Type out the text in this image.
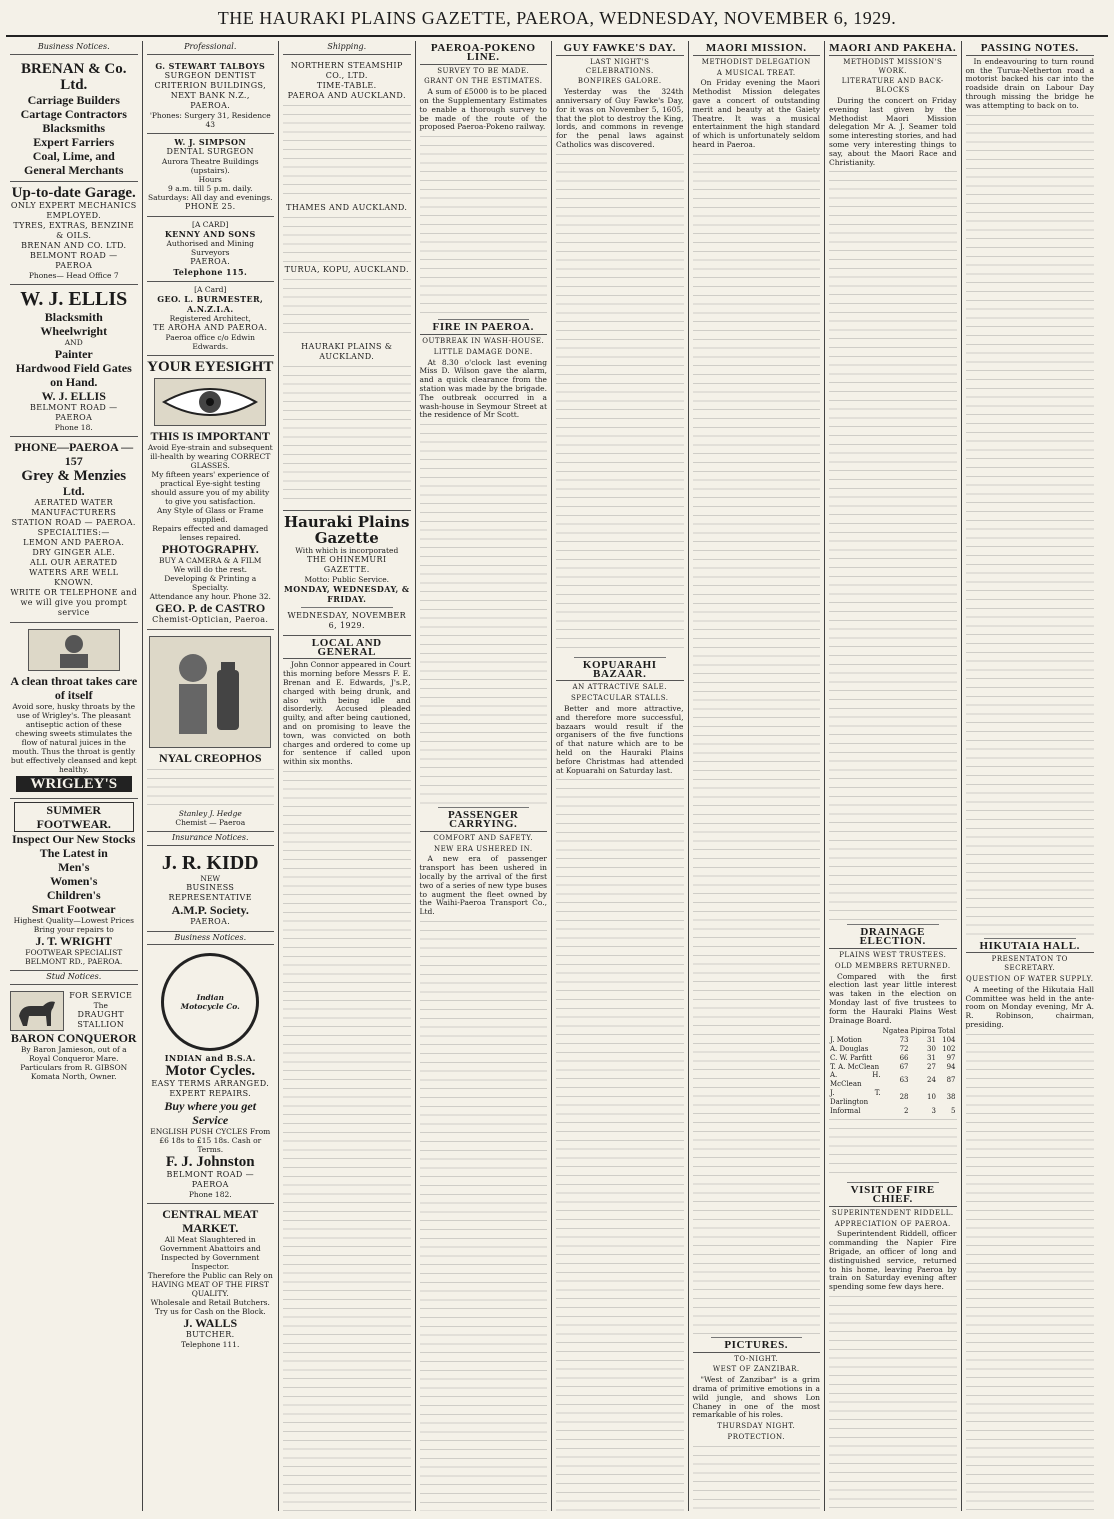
THE HAURAKI PLAINS GAZETTE, PAEROA, WEDNESDAY, NOVEMBER 6, 1929.
Business Notices.
BRENAN & Co. Ltd.
Carriage Builders
Cartage Contractors
Blacksmiths
Expert Farriers
Coal, Lime, and
General Merchants
Up-to-date Garage.
ONLY EXPERT MECHANICS EMPLOYED.
TYRES, EXTRAS, BENZINE & OILS.
BRENAN AND CO. LTD.
BELMONT ROAD — PAEROA
Phones— Head Office 7
W. J. ELLIS
Blacksmith
Wheelwright
AND
Painter
Hardwood Field Gates on Hand.
W. J. ELLIS
BELMONT ROAD — PAEROA
Phone 18.
PHONE—PAEROA —157
Grey & Menzies
Ltd.
AERATED WATER
MANUFACTURERS
STATION ROAD — PAEROA.
SPECIALTIES:—
LEMON AND PAEROA.
DRY GINGER ALE.
ALL OUR AERATED WATERS ARE WELL KNOWN.
WRITE OR TELEPHONE and we will give you prompt service
A clean throat takes care of itself
Avoid sore, husky throats by the use of Wrigley's. The pleasant antiseptic action of these chewing sweets stimulates the flow of natural juices in the mouth. Thus the throat is gently but effectively cleansed and kept healthy.
WRIGLEY'S
SUMMER FOOTWEAR.
Inspect Our New Stocks
The Latest in
Men's
Women's
Children's
Smart Footwear
Highest Quality—Lowest Prices
Bring your repairs to
J. T. WRIGHT
FOOTWEAR SPECIALIST BELMONT RD., PAEROA.
Stud Notices.
FOR SERVICE
The
DRAUGHT
STALLION
BARON CONQUEROR
By Baron Jamieson, out of a Royal Conqueror Mare.
Particulars from R. GIBSON Komata North, Owner.
Professional.
G. STEWART TALBOYS
SURGEON DENTIST
CRITERION BUILDINGS,
NEXT BANK N.Z.,
PAEROA.
'Phones: Surgery 31, Residence 43
W. J. SIMPSON
DENTAL SURGEON
Aurora Theatre Buildings (upstairs).
Hours
9 a.m. till 5 p.m. daily.
Saturdays: All day and evenings.
PHONE 25.
[A CARD]
KENNY AND SONS
Authorised and Mining Surveyors
PAEROA.
Telephone 115.
[A Card]
GEO. L. BURMESTER, A.N.Z.I.A.
Registered Architect,
TE AROHA AND PAEROA.
Paeroa office c/o Edwin Edwards.
YOUR EYESIGHT
THIS IS IMPORTANT
Avoid Eye-strain and subsequent ill-health by wearing CORRECT GLASSES.
My fifteen years' experience of practical Eye-sight testing should assure you of my ability to give you satisfaction.
Any Style of Glass or Frame supplied.
Repairs effected and damaged lenses repaired.
PHOTOGRAPHY.
BUY A CAMERA & A FILM
We will do the rest.
Developing & Printing a Specialty.
Attendance any hour. Phone 32.
GEO. P. de CASTRO
Chemist-Optician, Paeroa.
NYAL CREOPHOS
Stanley J. Hedge
Chemist — Paeroa
Insurance Notices.
J. R. KIDD
NEW
BUSINESS REPRESENTATIVE
A.M.P. Society.
PAEROA.
Business Notices.
Indian Motocycle Co.
INDIAN and B.S.A.
Motor Cycles.
EASY TERMS ARRANGED.
EXPERT REPAIRS.
Buy where you get Service
ENGLISH PUSH CYCLES From £6 18s to £15 18s. Cash or Terms.
F. J. Johnston
BELMONT ROAD — PAEROA
Phone 182.
CENTRAL MEAT MARKET.
All Meat Slaughtered in Government Abattoirs and Inspected by Government Inspector.
Therefore the Public can Rely on HAVING MEAT OF THE FIRST QUALITY.
Wholesale and Retail Butchers. Try us for Cash on the Block.
J. WALLS
BUTCHER.
Telephone 111.
Shipping.
NORTHERN STEAMSHIP CO., LTD.
TIME-TABLE.
PAEROA AND AUCKLAND.
THAMES AND AUCKLAND.
TURUA, KOPU, AUCKLAND.
HAURAKI PLAINS & AUCKLAND.
Hauraki Plains Gazette
With which is incorporated
THE OHINEMURI GAZETTE.
Motto: Public Service.
MONDAY, WEDNESDAY, & FRIDAY.
WEDNESDAY, NOVEMBER 6, 1929.
LOCAL AND GENERAL

John Connor appeared in Court this morning before Messrs F. E. Brenan and E. Edwards, J's.P., charged with being drunk, and also with being idle and disorderly. Accused pleaded guilty, and after being cautioned, and on promising to leave the town, was convicted on both charges and ordered to come up for sentence if called upon within six months.

PAEROA-POKENO LINE.
SURVEY TO BE MADE.
GRANT ON THE ESTIMATES.

A sum of £5000 is to be placed on the Supplementary Estimates to enable a thorough survey to be made of the route of the proposed Paeroa-Pokeno railway.

FIRE IN PAEROA.
OUTBREAK IN WASH-HOUSE.
LITTLE DAMAGE DONE.

At 8.30 o'clock last evening Miss D. Wilson gave the alarm, and a quick clearance from the station was made by the brigade. The outbreak occurred in a wash-house in Seymour Street at the residence of Mr Scott.

PASSENGER CARRYING.
COMFORT AND SAFETY.
NEW ERA USHERED IN.

A new era of passenger transport has been ushered in locally by the arrival of the first two of a series of new type buses to augment the fleet owned by the Waihi-Paeroa Transport Co., Ltd.

GUY FAWKE'S DAY.
LAST NIGHT'S CELEBRATIONS.
BONFIRES GALORE.

Yesterday was the 324th anniversary of Guy Fawke's Day, for it was on November 5, 1605, that the plot to destroy the King, lords, and commons in revenge for the penal laws against Catholics was discovered.

KOPUARAHI BAZAAR.
AN ATTRACTIVE SALE.
SPECTACULAR STALLS.

Better and more attractive, and therefore more successful, bazaars would result if the organisers of the five functions of that nature which are to be held on the Hauraki Plains before Christmas had attended at Kopuarahi on Saturday last.

MAORI MISSION.
METHODIST DELEGATION
A MUSICAL TREAT.

On Friday evening the Maori Methodist Mission delegates gave a concert of outstanding merit and beauty at the Gaiety Theatre. It was a musical entertainment the high standard of which is unfortunately seldom heard in Paeroa.

PICTURES.
TO-NIGHT.
WEST OF ZANZIBAR.

"West of Zanzibar" is a grim drama of primitive emotions in a wild jungle, and shows Lon Chaney in one of the most remarkable of his roles.

THURSDAY NIGHT.
PROTECTION.
MAORI AND PAKEHA.
METHODIST MISSION'S WORK.
LITERATURE AND BACK-BLOCKS

During the concert on Friday evening last given by the Methodist Maori Mission delegation Mr A. J. Seamer told some interesting stories, and had some very interesting things to say, about the Maori Race and Christianity.

DRAINAGE ELECTION.
PLAINS WEST TRUSTEES.
OLD MEMBERS RETURNED.

Compared with the first election last year little interest was taken in the election on Monday last of five trustees to form the Hauraki Plains West Drainage Board.

	Ngatea	Pipiroa	Total
J. Motion	73	31	104
A. Douglas	72	30	102
C. W. Parfitt	66	31	97
T. A. McClean	67	27	94
A. H. McClean	63	24	87
J. T. Darlington	28	10	38
Informal	2	3	5
VISIT OF FIRE CHIEF.
SUPERINTENDENT RIDDELL.
APPRECIATION OF PAEROA.

Superintendent Riddell, officer commanding the Napier Fire Brigade, an officer of long and distinguished service, returned to his home, leaving Paeroa by train on Saturday evening after spending some few days here.

PASSING NOTES.

In endeavouring to turn round on the Turua-Netherton road a motorist backed his car into the roadside drain on Labour Day through missing the bridge he was attempting to back on to.

HIKUTAIA HALL.
PRESENTATON TO SECRETARY.
QUESTION OF WATER SUPPLY.

A meeting of the Hikutaia Hall Committee was held in the ante-room on Monday evening, Mr A. R. Robinson, chairman, presiding.
